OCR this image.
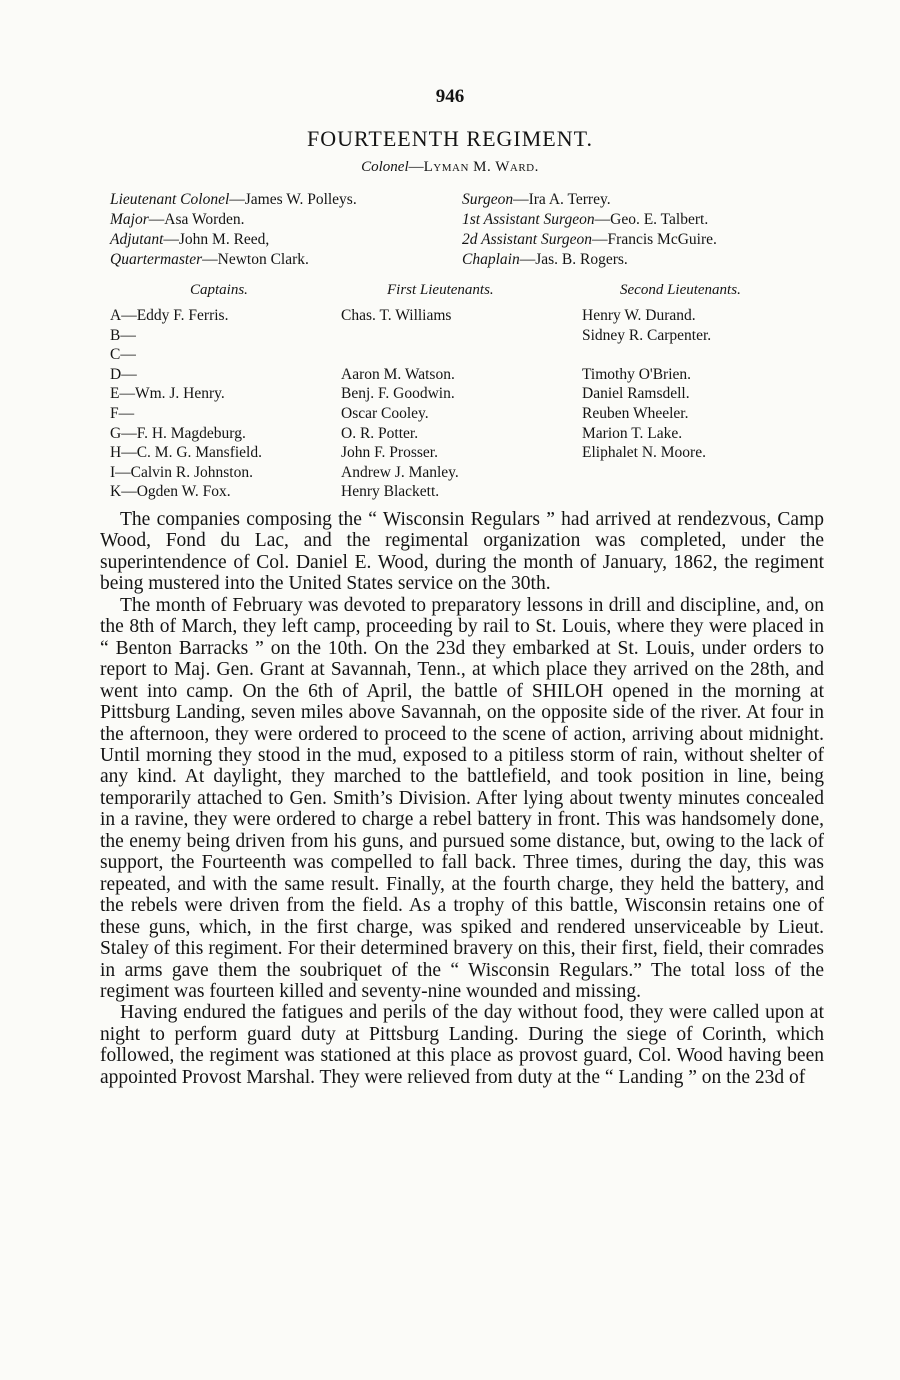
946
FOURTEENTH REGIMENT.
Colonel—Lyman M. Ward.
Lieutenant Colonel—James W. Polleys.
Major—Asa Worden.
Adjutant—John M. Reed,
Quartermaster—Newton Clark.
Surgeon—Ira A. Terrey.
1st Assistant Surgeon—Geo. E. Talbert.
2d Assistant Surgeon—Francis McGuire.
Chaplain—Jas. B. Rogers.
Captains.	First Lieutenants.	Second Lieutenants.
A—Eddy F. Ferris.
B—
C—
D—
E—Wm. J. Henry.
F—
G—F. H. Magdeburg.
H—C. M. G. Mansfield.
I—Calvin R. Johnston.
K—Ogden W. Fox.
Chas. T. Williams
Aaron M. Watson.
Benj. F. Goodwin.
Oscar Cooley.
O. R. Potter.
John F. Prosser.
Andrew J. Manley.
Henry Blackett.
Henry W. Durand.
Sidney R. Carpenter.
Timothy O'Brien.
Daniel Ramsdell.
Reuben Wheeler.
Marion T. Lake.
Eliphalet N. Moore.

The companies composing the “ Wisconsin Regulars ” had arrived at rendezvous, Camp Wood, Fond du Lac, and the regimental organization was completed, under the superintendence of Col. Daniel E. Wood, during the month of January, 1862, the regiment being mustered into the United States service on the 30th.

The month of February was devoted to preparatory lessons in drill and discipline, and, on the 8th of March, they left camp, proceeding by rail to St. Louis, where they were placed in “ Benton Barracks ” on the 10th. On the 23d they embarked at St. Louis, under orders to report to Maj. Gen. Grant at Savannah, Tenn., at which place they arrived on the 28th, and went into camp. On the 6th of April, the battle of SHILOH opened in the morning at Pittsburg Landing, seven miles above Savannah, on the opposite side of the river. At four in the afternoon, they were ordered to proceed to the scene of action, arriving about midnight. Until morning they stood in the mud, exposed to a pitiless storm of rain, without shelter of any kind. At daylight, they marched to the battlefield, and took position in line, being temporarily attached to Gen. Smith’s Division. After lying about twenty minutes concealed in a ravine, they were ordered to charge a rebel battery in front. This was handsomely done, the enemy being driven from his guns, and pursued some distance, but, owing to the lack of support, the Fourteenth was compelled to fall back. Three times, during the day, this was repeated, and with the same result. Finally, at the fourth charge, they held the battery, and the rebels were driven from the field. As a trophy of this battle, Wisconsin retains one of these guns, which, in the first charge, was spiked and rendered unserviceable by Lieut. Staley of this regiment. For their determined bravery on this, their first, field, their comrades in arms gave them the soubriquet of the “ Wisconsin Regulars.” The total loss of the regiment was fourteen killed and seventy-nine wounded and missing.

Having endured the fatigues and perils of the day without food, they were called upon at night to perform guard duty at Pittsburg Landing. During the siege of Corinth, which followed, the regiment was stationed at this place as provost guard, Col. Wood having been appointed Provost Marshal. They were relieved from duty at the “ Landing ” on the 23d of
